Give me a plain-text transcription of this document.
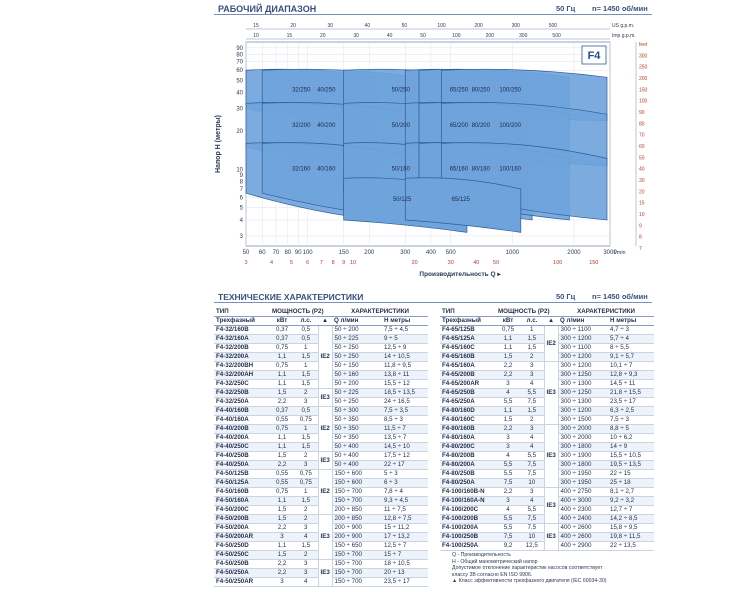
РАБОЧИЙ ДИАПАЗОН	50 Гц n= 1450 об/мин
50 60 70 80 90 100	150	200	300	400 500	1000	2000	3000
3
4
5
6
7
8
9
10
20
30
40
50
60
70
80
90
3	4	5 6 7 8 9 10	20	30	40 50	100	150
15	20	30	40	50	100	200	300	500	US g.p.m.
10	15	20	30	40	50	100	200	300	500	Imp g.p.m.
feet
300
250
200
150
100
90
80
70
60
50
40
30
20
15
10
9
8
7
32/250 40/250	50/250	65/250 80/250 100/250
32/200 40/200	50/200	65/200 80/200 100/200
32/160 40/160	50/160	65/160 80/160 100/160
50/125	65/125
F4
Напор H (метры)
Производительность Q ▸
l/min
ТЕХНИЧЕСКИЕ ХАРАКТЕРИСТИКИ	50 Гц n= 1450 об/мин
ТИП	МОЩНОСТЬ (P2)			ХАРАКТЕРИСТИКИ	
Трехфазный	кВт	л.с.	▲	Q л/мин	H метры
F4-32/160B	0,37	0,5	IE2	50 ÷ 200	7,5 ÷ 4,5
F4-32/160A	0,37	0,5		50 ÷ 225	9 ÷ 5
F4-32/200B	0,75	1		50 ÷ 250	12,5 ÷ 9
F4-32/200A	1,1	1,5		50 ÷ 250	14 ÷ 10,5
F4-32/200BH	0,75	1		50 ÷ 150	11,8 ÷ 9,5
F4-32/200AH	1,1	1,5		50 ÷ 160	13,8 ÷ 11
F4-32/250C	1,1	1,5		50 ÷ 200	15,5 ÷ 12
F4-32/250B	1,5	2	IE3	50 ÷ 225	18,5 ÷ 13,5
F4-32/250A	2,2	3		50 ÷ 250	24 ÷ 16,5
F4-40/160B	0,37	0,5	IE2	50 ÷ 300	7,5 ÷ 3,5
F4-40/160A	0,55	0,75		50 ÷ 350	8,5 ÷ 3
F4-40/200B	0,75	1		50 ÷ 350	11,5 ÷ 7
F4-40/200A	1,1	1,5		50 ÷ 350	13,5 ÷ 7
F4-40/250C	1,1	1,5		50 ÷ 400	14,5 ÷ 10
F4-40/250B	1,5	2	IE3	50 ÷ 400	17,5 ÷ 12
F4-40/250A	2,2	3		50 ÷ 400	22 ÷ 17
F4-50/125B	0,55	0,75	IE2	150 ÷ 600	5 ÷ 3
F4-50/125A	0,55	0,75		150 ÷ 600	6 ÷ 3
F4-50/160B	0,75	1		150 ÷ 700	7,8 ÷ 4
F4-50/160A	1,1	1,5		150 ÷ 700	9,3 ÷ 4,5
F4-50/200C	1,5	2		200 ÷ 850	11 ÷ 7,5
F4-50/200B	1,5	2	IE3	200 ÷ 850	12,8 ÷ 7,5
F4-50/200A	2,2	3		200 ÷ 900	15 ÷ 11,2
F4-50/200AR	3	4		200 ÷ 900	17 ÷ 13,2
F4-50/250D	1,1	1,5		150 ÷ 650	12,5 ÷ 7
F4-50/250C	1,5	2		150 ÷ 700	15 ÷ 7
F4-50/250B	2,2	3	IE3	150 ÷ 700	18 ÷ 10,5
F4-50/250A	2,2	3		150 ÷ 700	20 ÷ 13
F4-50/250AR	3	4		150 ÷ 700	23,5 ÷ 17
ТИП	МОЩНОСТЬ (P2)			ХАРАКТЕРИСТИКИ	
Трехфазный	кВт	л.с.	▲	Q л/мин	H метры
F4-65/125B	0,75	1	IE2	300 ÷ 1100	4,7 ÷ 3
F4-65/125A	1,1	1,5		300 ÷ 1200	5,7 ÷ 4
F4-65/160C	1,1	1,5		300 ÷ 1100	8 ÷ 5,5
F4-65/160B	1,5	2		300 ÷ 1200	9,1 ÷ 5,7
F4-65/160A	2,2	3	IE3	300 ÷ 1200	10,1 ÷ 7
F4-65/200B	2,2	3		300 ÷ 1250	12,8 ÷ 9,3
F4-65/200AR	3	4		300 ÷ 1300	14,5 ÷ 11
F4-65/250B	4	5,5		300 ÷ 1250	21,8 ÷ 15,5
F4-65/250A	5,5	7,5		300 ÷ 1300	23,5 ÷ 17
F4-80/160D	1,1	1,5		300 ÷ 1200	6,3 ÷ 2,5
F4-80/160C	1,5	2		300 ÷ 1500	7,5 ÷ 3
F4-80/160B	2,2	3	IE3	300 ÷ 2000	8,8 ÷ 5
F4-80/160A	3	4		300 ÷ 2000	10 ÷ 6,2
F4-80/200C	3	4		300 ÷ 1800	14 ÷ 9
F4-80/200B	4	5,5		300 ÷ 1900	15,5 ÷ 10,5
F4-80/200A	5,5	7,5		300 ÷ 1800	19,5 ÷ 13,5
F4-80/250B	5,5	7,5		300 ÷ 1950	22 ÷ 15
F4-80/250A	7,5	10		300 ÷ 1950	25 ÷ 18
F4-100/160B-N	2,2	3	IE3	400 ÷ 2750	8,1 ÷ 2,7
F4-100/160A-N	3	4		400 ÷ 3000	9,2 ÷ 3,2
F4-100/200C	4	5,5		400 ÷ 2300	12,7 ÷ 7
F4-100/200B	5,5	7,5		400 ÷ 2400	14,2 ÷ 8,5
F4-100/200A	5,5	7,5	IE3	400 ÷ 2600	15,8 ÷ 9,5
F4-100/250B	7,5	10		400 ÷ 2600	19,8 ÷ 11,5
F4-100/250A	9,2	12,5		400 ÷ 2900	22 ÷ 13,5
Q - Производительность
H - Общий манометрический напор
Допустимое отклонение характеристик насосов соответствует
классу 3B согласно EN ISO 9906.
▲ Класс эффективности трехфазного двигателя (IEC 60034-30)
